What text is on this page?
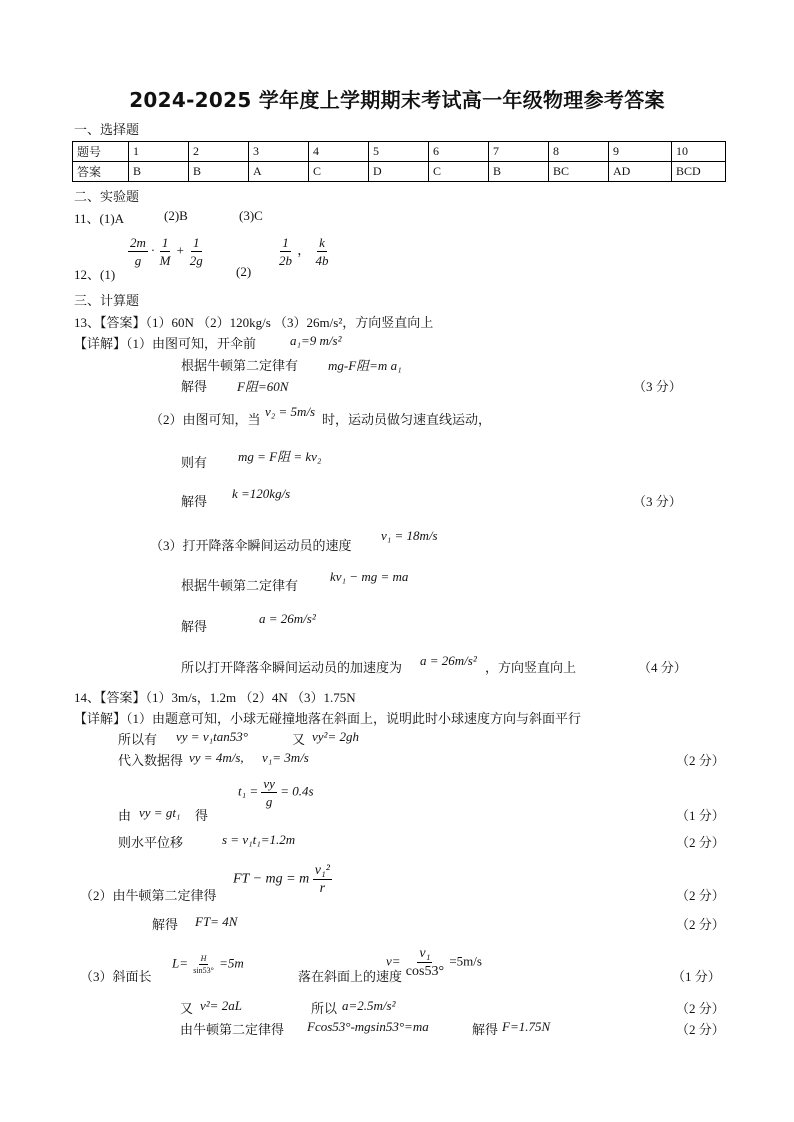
2024-2025 学年度上学期期末考试高一年级物理参考答案
一、选择题
题号	1	2	3	4	5	6	7	8	9	10
答案	B	B	A	C	D	C	B	BC	AD	BCD
二、实验题
11、(1)A	(2)B	(3)C
12、(1)
$\frac{2m}{g} \cdot \frac{1}{M} + \frac{1}{2g}$
(2)
$\frac{1}{2b}$ ， $\frac{k}{4b}$
三、计算题
13、【答案】（1）60N （2）120kg/s （3）26m/s²，方向竖直向上
【详解】（1）由图可知，开伞前	a₁=9 m/s²
根据牛顿第二定律有 mg-F阻=m a₁
解得 F阻=60N	（3 分）
（2）由图可知，当
v₂ = 5m/s
时，运动员做匀速直线运动，
则有 mg = F阻 = kv₂
解得
k =120kg/s
（3 分）
（3）打开降落伞瞬间运动员的速度
v₁ = 18m/s
根据牛顿第二定律有
kv₁ − mg = ma
解得
a = 26m/s²
所以打开降落伞瞬间运动员的加速度为 a = 26m/s² ，方向竖直向上	（4 分）
14、【答案】（1）3m/s，1.2m （2）4N （3）1.75N
【详解】（1）由题意可知，小球无碰撞地落在斜面上，说明此时小球速度方向与斜面平行
所以有 vy = v₁tan53°	又 vy²= 2gh
代入数据得 vy = 4m/s, v₁= 3m/s	（2 分）
$t_1 = \frac{vy}{g} = 0.4s$
由 vy = gt₁ 得	（1 分）
则水平位移	s = v₁t₁=1.2m	（2 分）
（2）由牛顿第二定律得
FT − mg = m $\frac{\text{v₁²}}{r}$	（2 分）
解得 FT= 4N	（2 分）
（3）斜面长
$L= \frac{H}{\sin 53^\circ} =5m$
落在斜面上的速度
$v= \frac{\text{v₁}}{\cos 53^\circ} =5m/s$
（1 分）
又 v²= 2aL	所以 a=2.5m/s²	（2 分）
由牛顿第二定律得 Fcos53°-mgsin53°=ma	解得 F=1.75N	（2 分）
